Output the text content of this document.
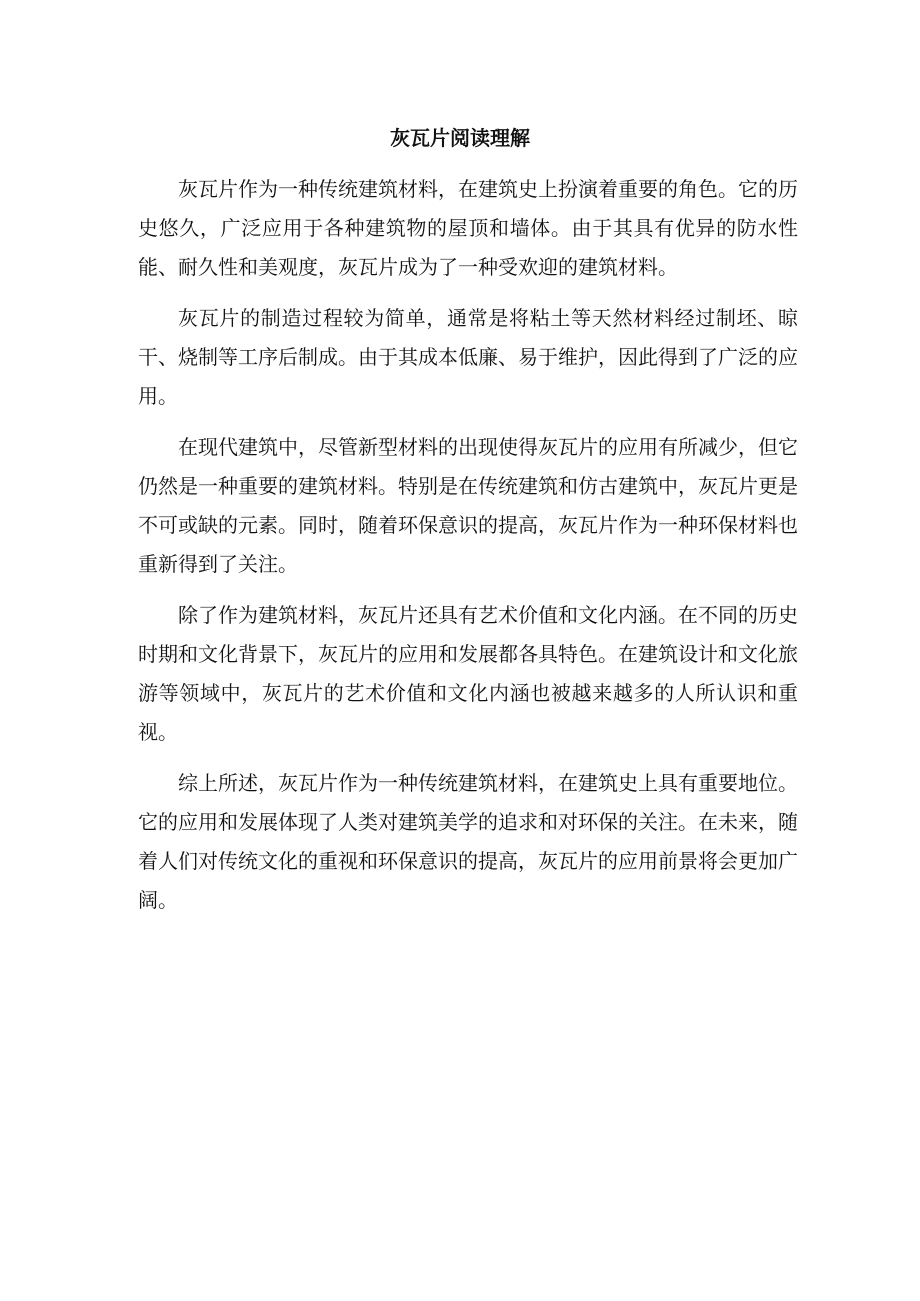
灰瓦片阅读理解

灰瓦片作为一种传统建筑材料，在建筑史上扮演着重要的角色。它的历史悠久，广泛应用于各种建筑物的屋顶和墙体。由于其具有优异的防水性能、耐久性和美观度，灰瓦片成为了一种受欢迎的建筑材料。

灰瓦片的制造过程较为简单，通常是将粘土等天然材料经过制坯、晾干、烧制等工序后制成。由于其成本低廉、易于维护，因此得到了广泛的应用。

在现代建筑中，尽管新型材料的出现使得灰瓦片的应用有所减少，但它仍然是一种重要的建筑材料。特别是在传统建筑和仿古建筑中，灰瓦片更是不可或缺的元素。同时，随着环保意识的提高，灰瓦片作为一种环保材料也重新得到了关注。

除了作为建筑材料，灰瓦片还具有艺术价值和文化内涵。在不同的历史时期和文化背景下，灰瓦片的应用和发展都各具特色。在建筑设计和文化旅游等领域中，灰瓦片的艺术价值和文化内涵也被越来越多的人所认识和重视。

综上所述，灰瓦片作为一种传统建筑材料，在建筑史上具有重要地位。它的应用和发展体现了人类对建筑美学的追求和对环保的关注。在未来，随着人们对传统文化的重视和环保意识的提高，灰瓦片的应用前景将会更加广阔。
